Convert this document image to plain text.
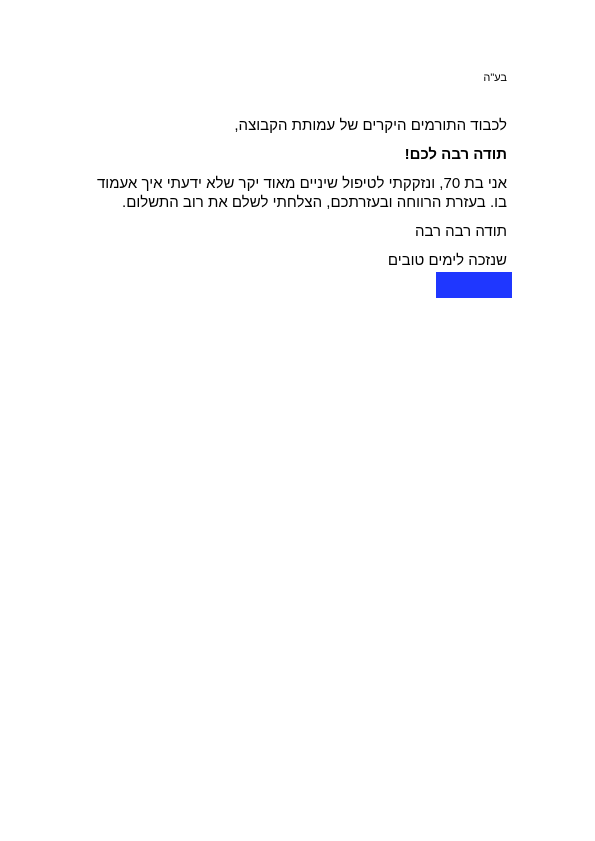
בע"ה

לכבוד התורמים היקרים של עמותת הקבוצה,

תודה רבה לכם!

אני בת 70, ונזקקתי לטיפול שיניים מאוד יקר שלא ידעתי איך אעמוד בו. בעזרת הרווחה ובעזרתכם, הצלחתי לשלם את רוב התשלום.

תודה רבה רבה

שנזכה לימים טובים
